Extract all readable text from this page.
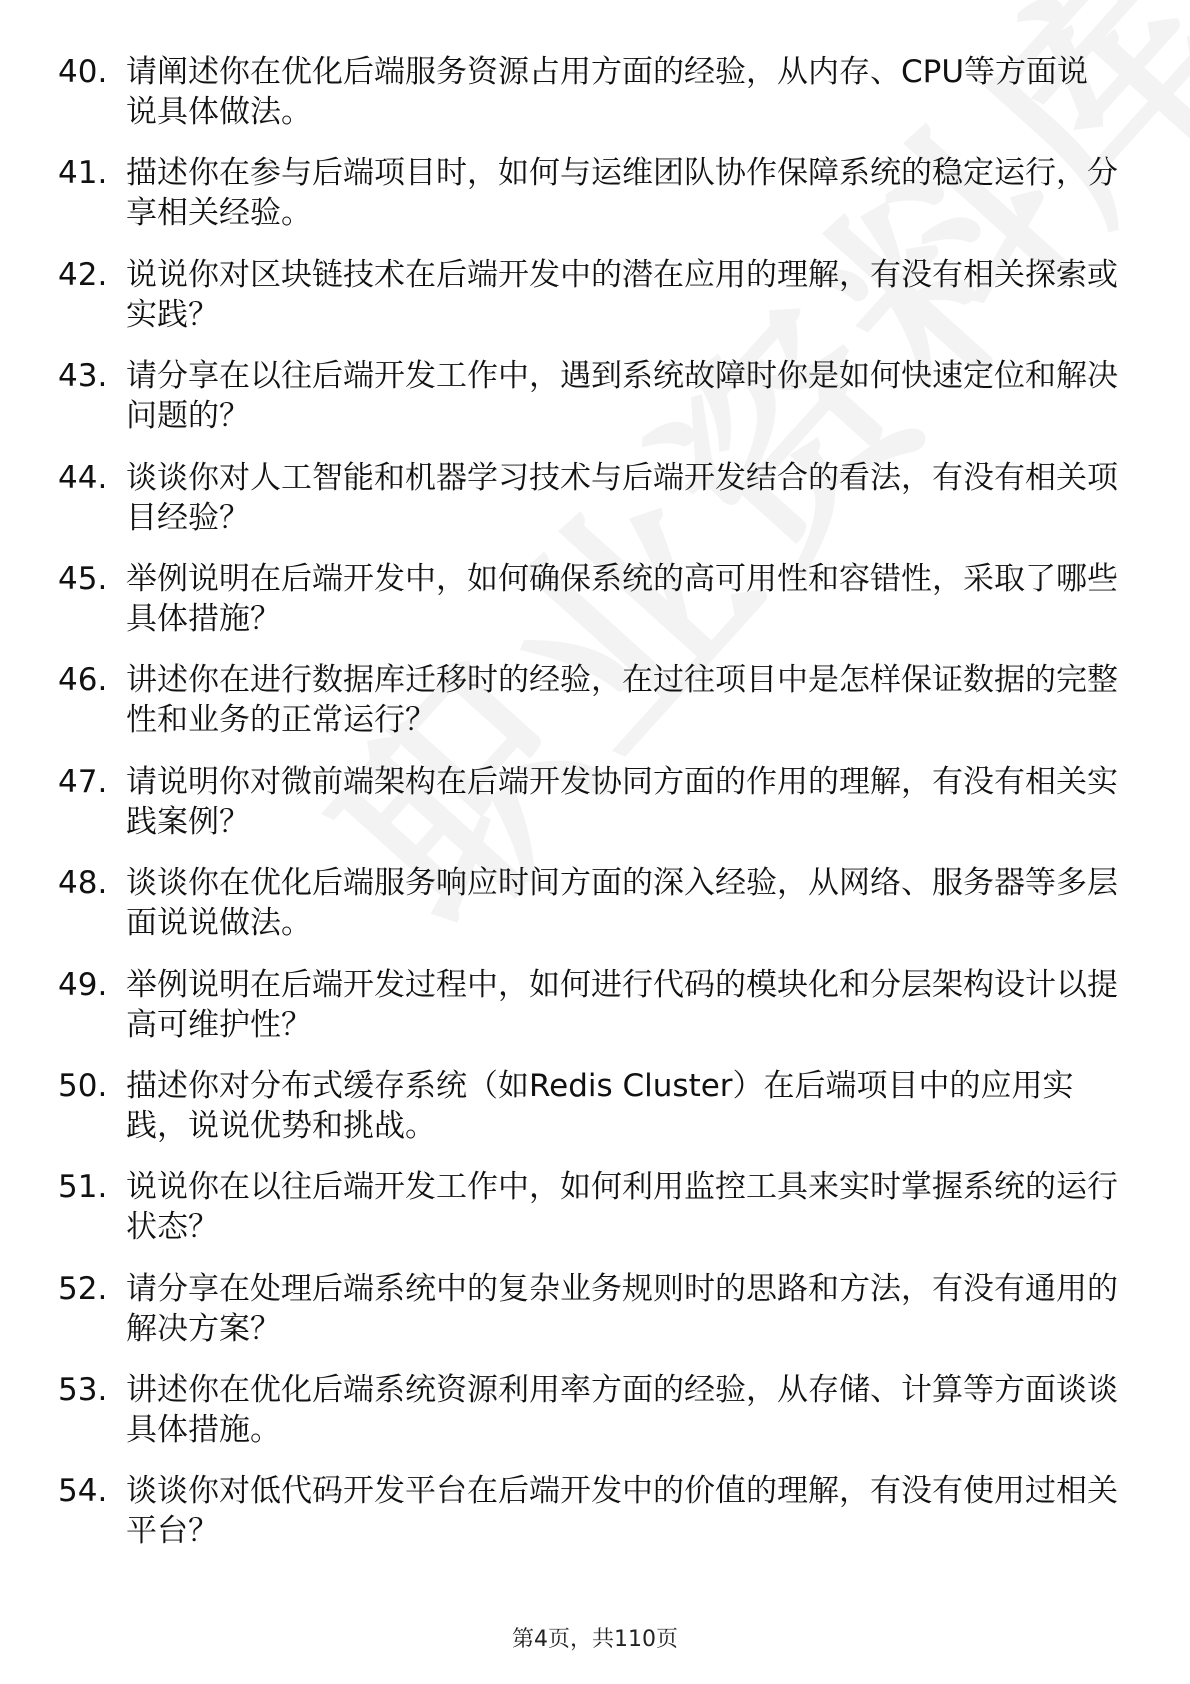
40. 请阐述你在优化后端服务资源占用方面的经验，从内存、CPU等方面说说具体做法。
41. 描述你在参与后端项目时，如何与运维团队协作保障系统的稳定运行，分享相关经验。
42. 说说你对区块链技术在后端开发中的潜在应用的理解，有没有相关探索或实践？
43. 请分享在以往后端开发工作中，遇到系统故障时你是如何快速定位和解决问题的？
44. 谈谈你对人工智能和机器学习技术与后端开发结合的看法，有没有相关项目经验？
45. 举例说明在后端开发中，如何确保系统的高可用性和容错性，采取了哪些具体措施？
46. 讲述你在进行数据库迁移时的经验，在过往项目中是怎样保证数据的完整性和业务的正常运行？
47. 请说明你对微前端架构在后端开发协同方面的作用的理解，有没有相关实践案例？
48. 谈谈你在优化后端服务响应时间方面的深入经验，从网络、服务器等多层面说说做法。
49. 举例说明在后端开发过程中，如何进行代码的模块化和分层架构设计以提高可维护性？
50. 描述你对分布式缓存系统（如Redis Cluster）在后端项目中的应用实践，说说优势和挑战。
51. 说说你在以往后端开发工作中，如何利用监控工具来实时掌握系统的运行状态？
52. 请分享在处理后端系统中的复杂业务规则时的思路和方法，有没有通用的解决方案？
53. 讲述你在优化后端系统资源利用率方面的经验，从存储、计算等方面谈谈具体措施。
54. 谈谈你对低代码开发平台在后端开发中的价值的理解，有没有使用过相关平台？
第4页，共110页
